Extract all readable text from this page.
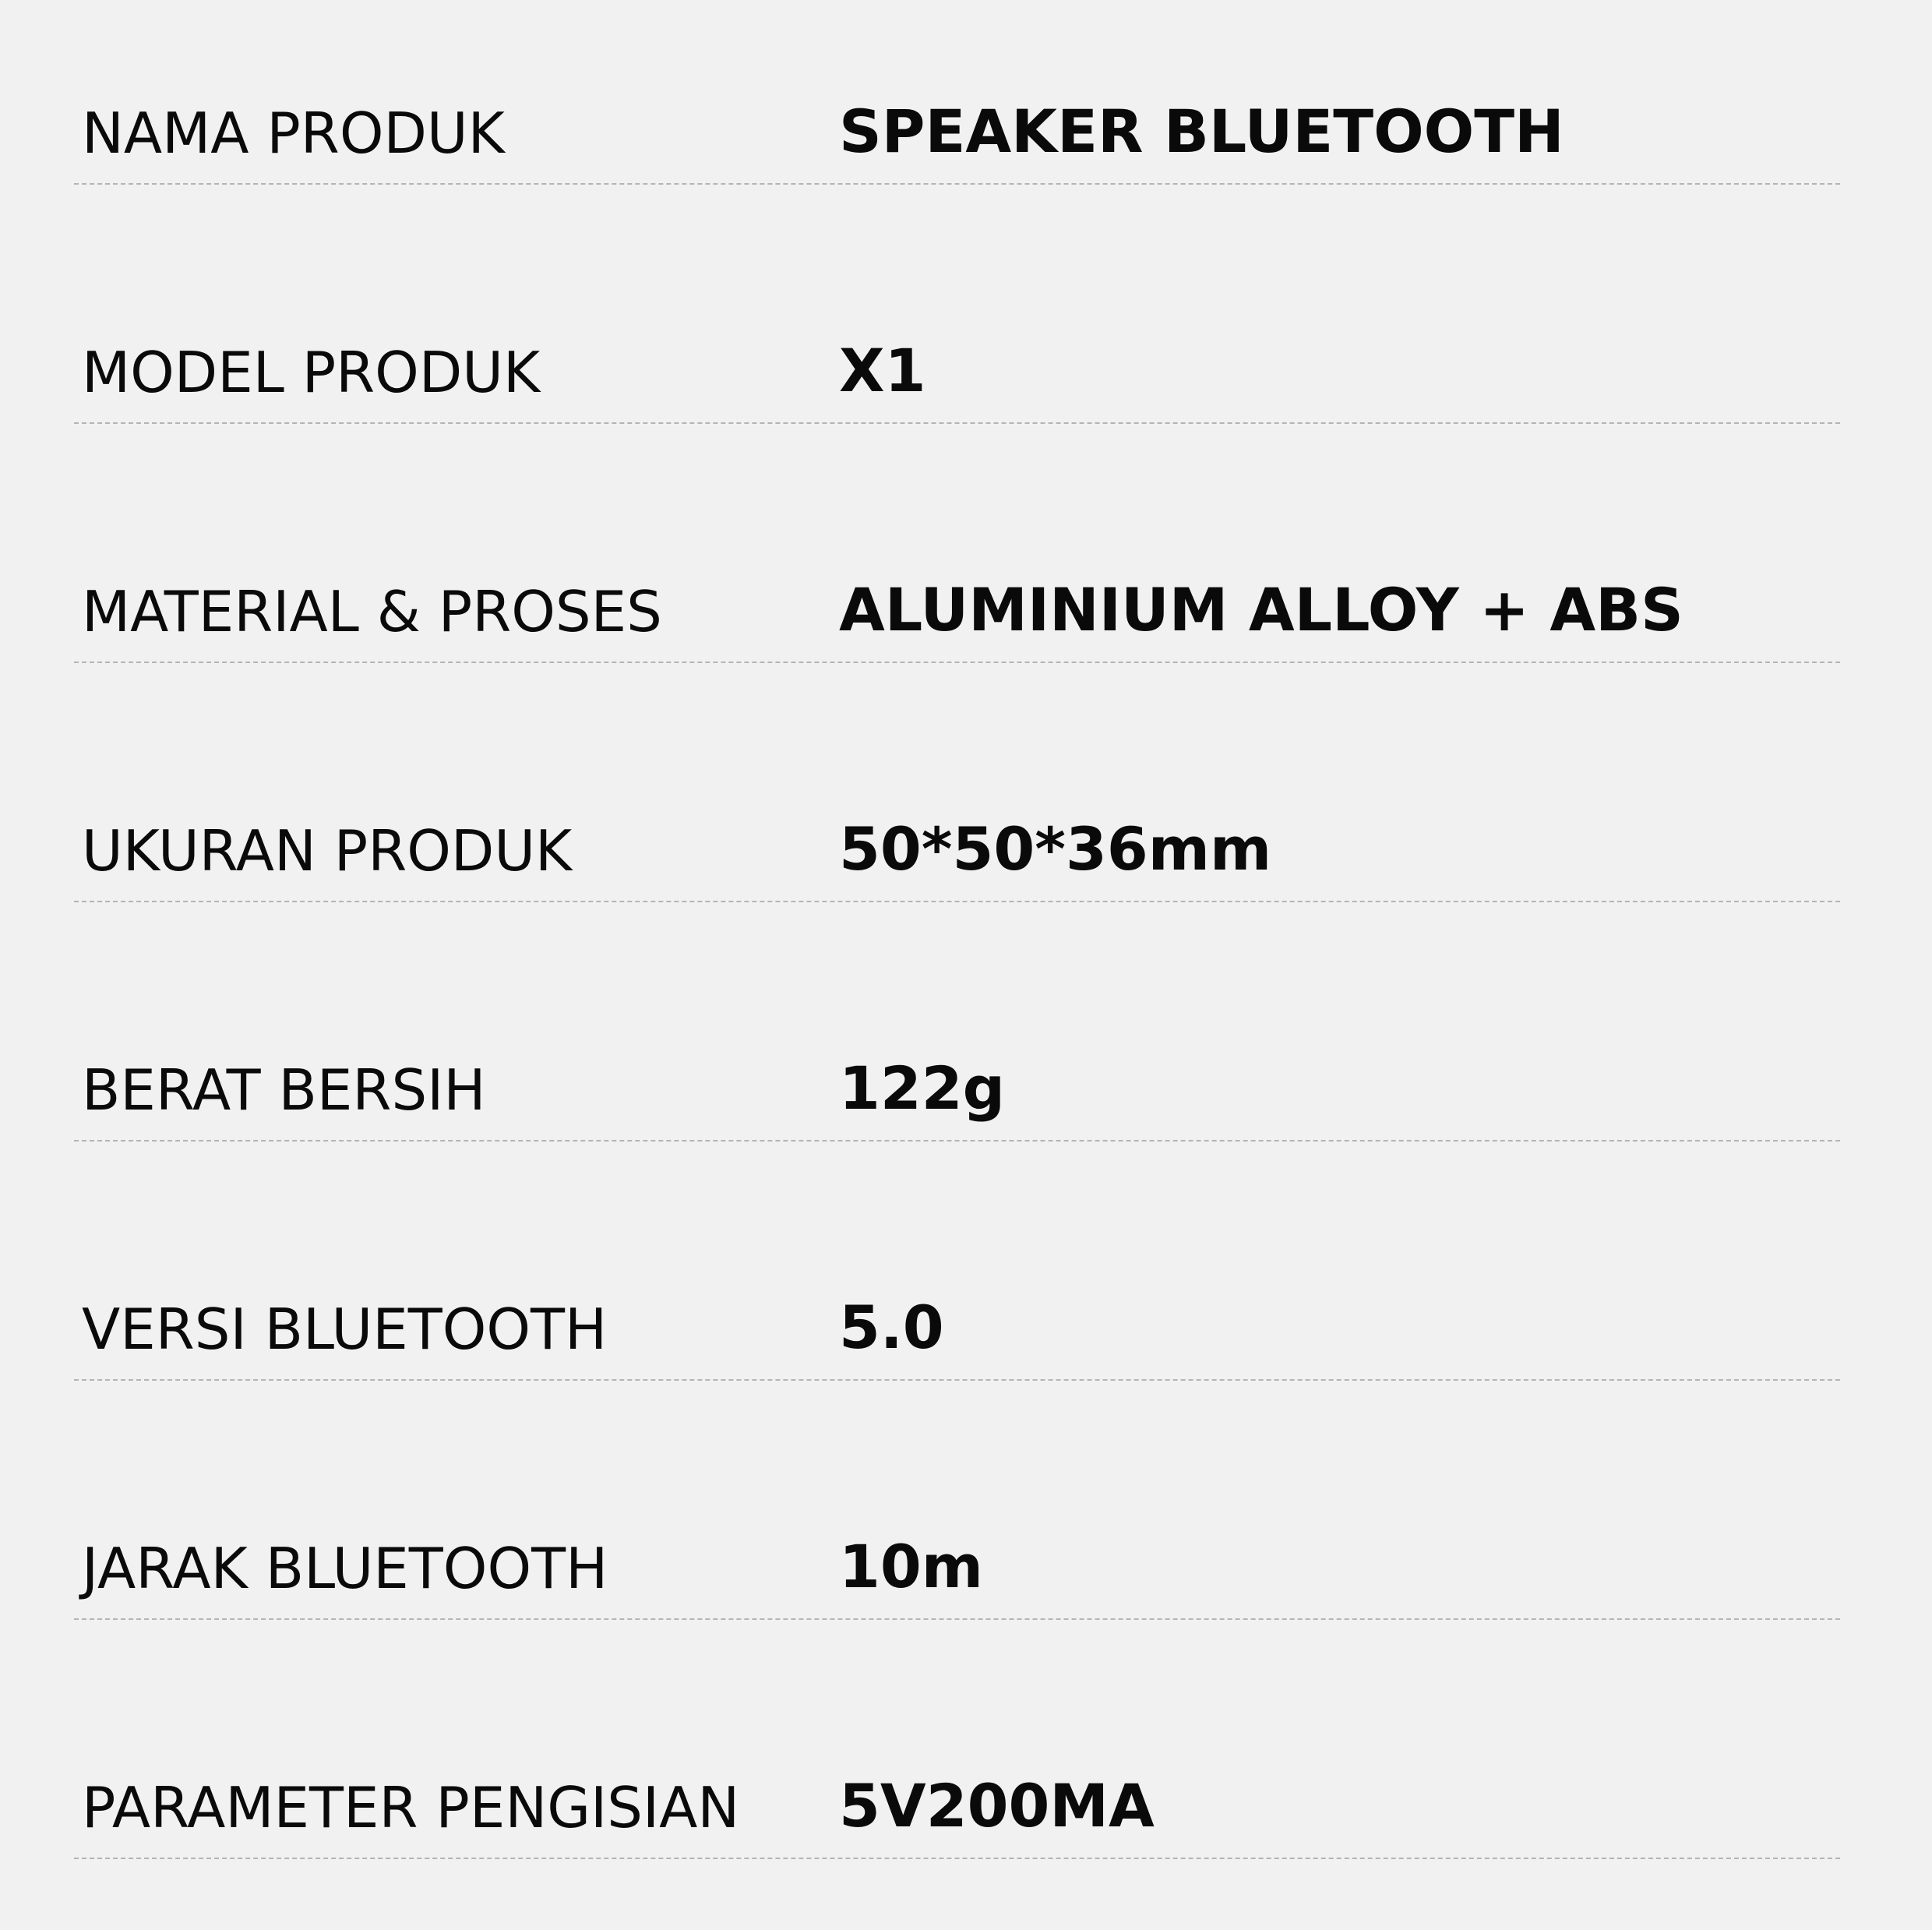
NAMA PRODUK	SPEAKER BLUETOOTH
MODEL PRODUK	X1
MATERIAL & PROSES	ALUMINIUM ALLOY + ABS
UKURAN PRODUK	50*50*36mm
BERAT BERSIH	122g
VERSI BLUETOOTH	5.0
JARAK BLUETOOTH	10m
PARAMETER PENGISIAN 5V200MA
